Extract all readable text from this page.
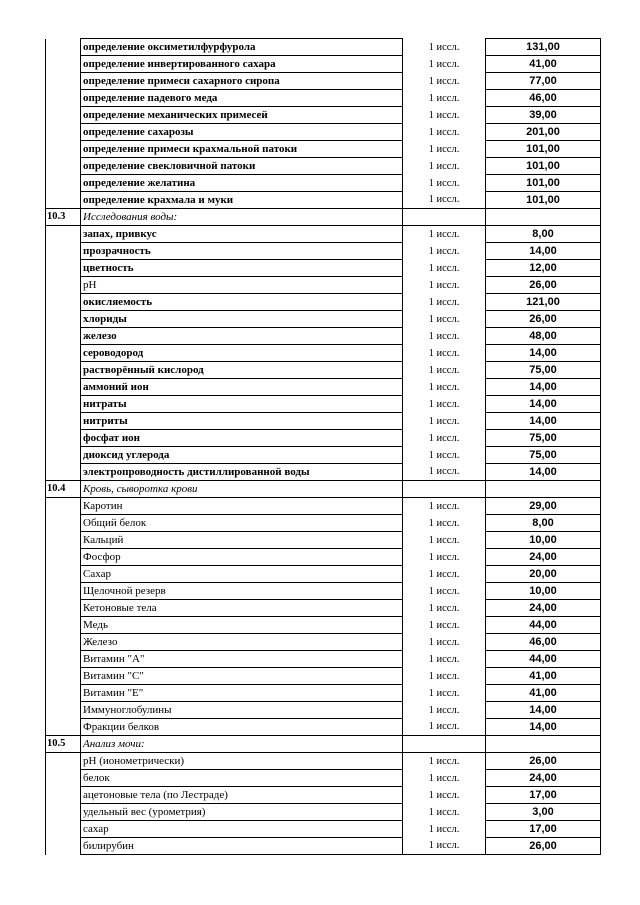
	определение оксиметилфурфурола	1 иссл.	131,00
	определение инвертированного сахара	1 иссл.	41,00
	определение примеси сахарного сиропа	1 иссл.	77,00
	определение падевого меда	1 иссл.	46,00
	определение механических примесей	1 иссл.	39,00
	определение сахарозы	1 иссл.	201,00
	определение примеси крахмальной патоки	1 иссл.	101,00
	определение свекловичной патоки	1 иссл.	101,00
	определение желатина	1 иссл.	101,00
	определение крахмала и муки	1 иссл.	101,00
10.3	Исследования воды:		
	запах, привкус	1 иссл.	8,00
	прозрачность	1 иссл.	14,00
	цветность	1 иссл.	12,00
	рН	1 иссл.	26,00
	окисляемость	1 иссл.	121,00
	хлориды	1 иссл.	26,00
	железо	1 иссл.	48,00
	сероводород	1 иссл.	14,00
	растворённый кислород	1 иссл.	75,00
	аммоний ион	1 иссл.	14,00
	нитраты	1 иссл.	14,00
	нитриты	1 иссл.	14,00
	фосфат ион	1 иссл.	75,00
	диоксид углерода	1 иссл.	75,00
	электропроводность дистиллированной воды	1 иссл.	14,00
10.4	Кровь, сыворотка крови		
	Каротин	1 иссл.	29,00
	Общий белок	1 иссл.	8,00
	Кальций	1 иссл.	10,00
	Фосфор	1 иссл.	24,00
	Сахар	1 иссл.	20,00
	Щелочной резерв	1 иссл.	10,00
	Кетоновые тела	1 иссл.	24,00
	Медь	1 иссл.	44,00
	Железо	1 иссл.	46,00
	Витамин "А"	1 иссл.	44,00
	Витамин "С"	1 иссл.	41,00
	Витамин "Е"	1 иссл.	41,00
	Иммуноглобулины	1 иссл.	14,00
	Фракции белков	1 иссл.	14,00
10.5	Анализ мочи:		
	рН (иономeтрически)	1 иссл.	26,00
	белок	1 иссл.	24,00
	ацетоновые тела (по Лестраде)	1 иссл.	17,00
	удельный вес (урометрия)	1 иссл.	3,00
	сахар	1 иссл.	17,00
	билирубин	1 иссл.	26,00
